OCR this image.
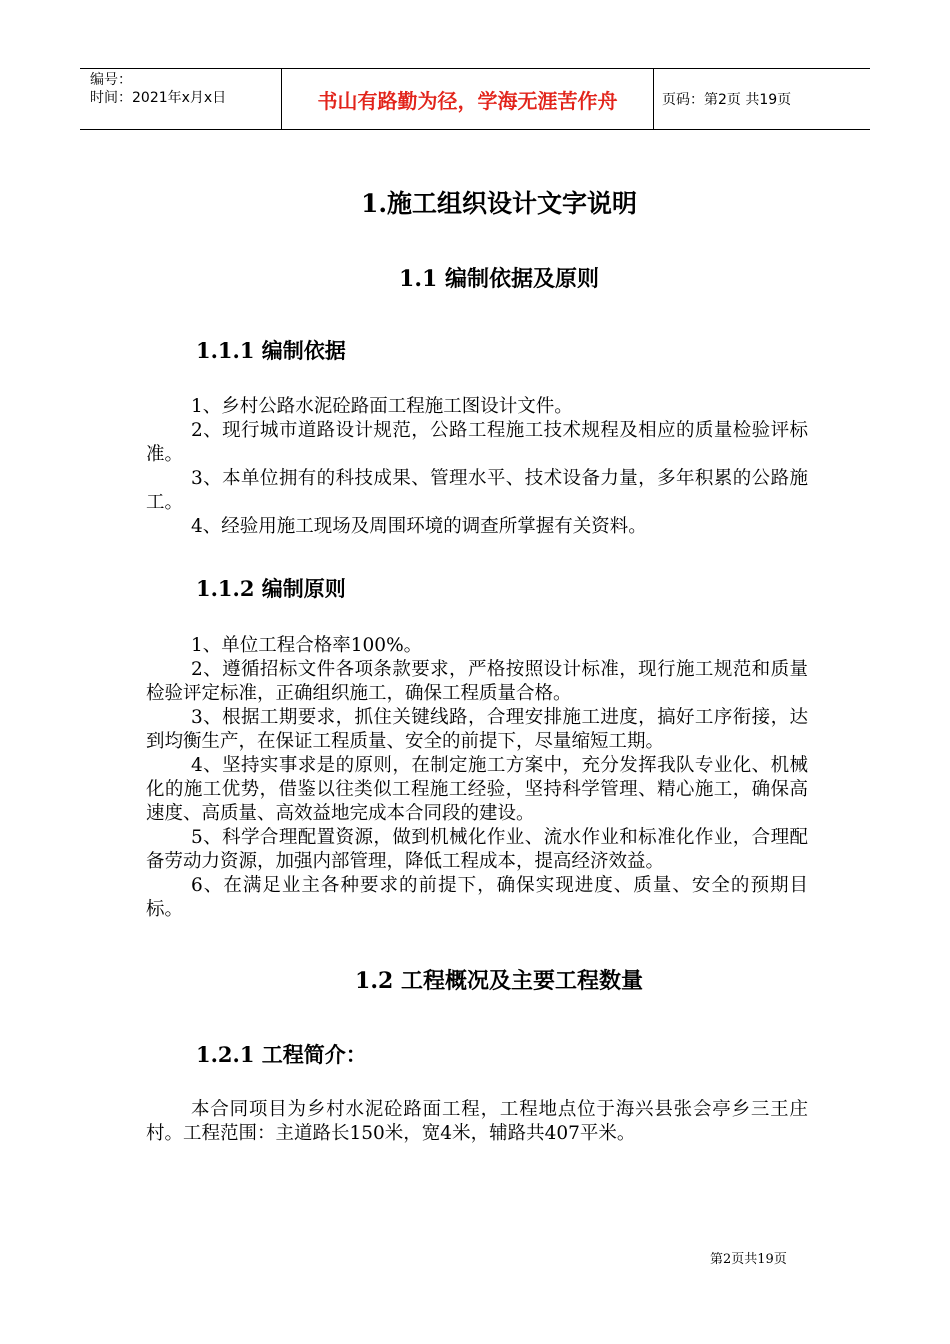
编号：
时间：2021年x月x日	书山有路勤为径，学海无涯苦作舟	页码：第2页 共19页
1.施工组织设计文字说明
1.1 编制依据及原则
1.1.1 编制依据

1、乡村公路水泥砼路面工程施工图设计文件。

2、现行城市道路设计规范，公路工程施工技术规程及相应的质量检验评标准。

3、本单位拥有的科技成果、管理水平、技术设备力量，多年积累的公路施工。

4、经验用施工现场及周围环境的调查所掌握有关资料。

1.1.2 编制原则

1、单位工程合格率100%。

2、遵循招标文件各项条款要求，严格按照设计标准，现行施工规范和质量检验评定标准，正确组织施工，确保工程质量合格。

3、根据工期要求，抓住关键线路，合理安排施工进度，搞好工序衔接，达到均衡生产，在保证工程质量、安全的前提下，尽量缩短工期。

4、坚持实事求是的原则，在制定施工方案中，充分发挥我队专业化、机械化的施工优势，借鉴以往类似工程施工经验，坚持科学管理、精心施工，确保高速度、高质量、高效益地完成本合同段的建设。

5、科学合理配置资源，做到机械化作业、流水作业和标准化作业，合理配备劳动力资源，加强内部管理，降低工程成本，提高经济效益。

6、在满足业主各种要求的前提下，确保实现进度、质量、安全的预期目标。

1.2 工程概况及主要工程数量
1.2.1 工程简介：

本合同项目为乡村水泥砼路面工程，工程地点位于海兴县张会亭乡三王庄村。工程范围：主道路长150米，宽4米，辅路共407平米。

第2页共19页
